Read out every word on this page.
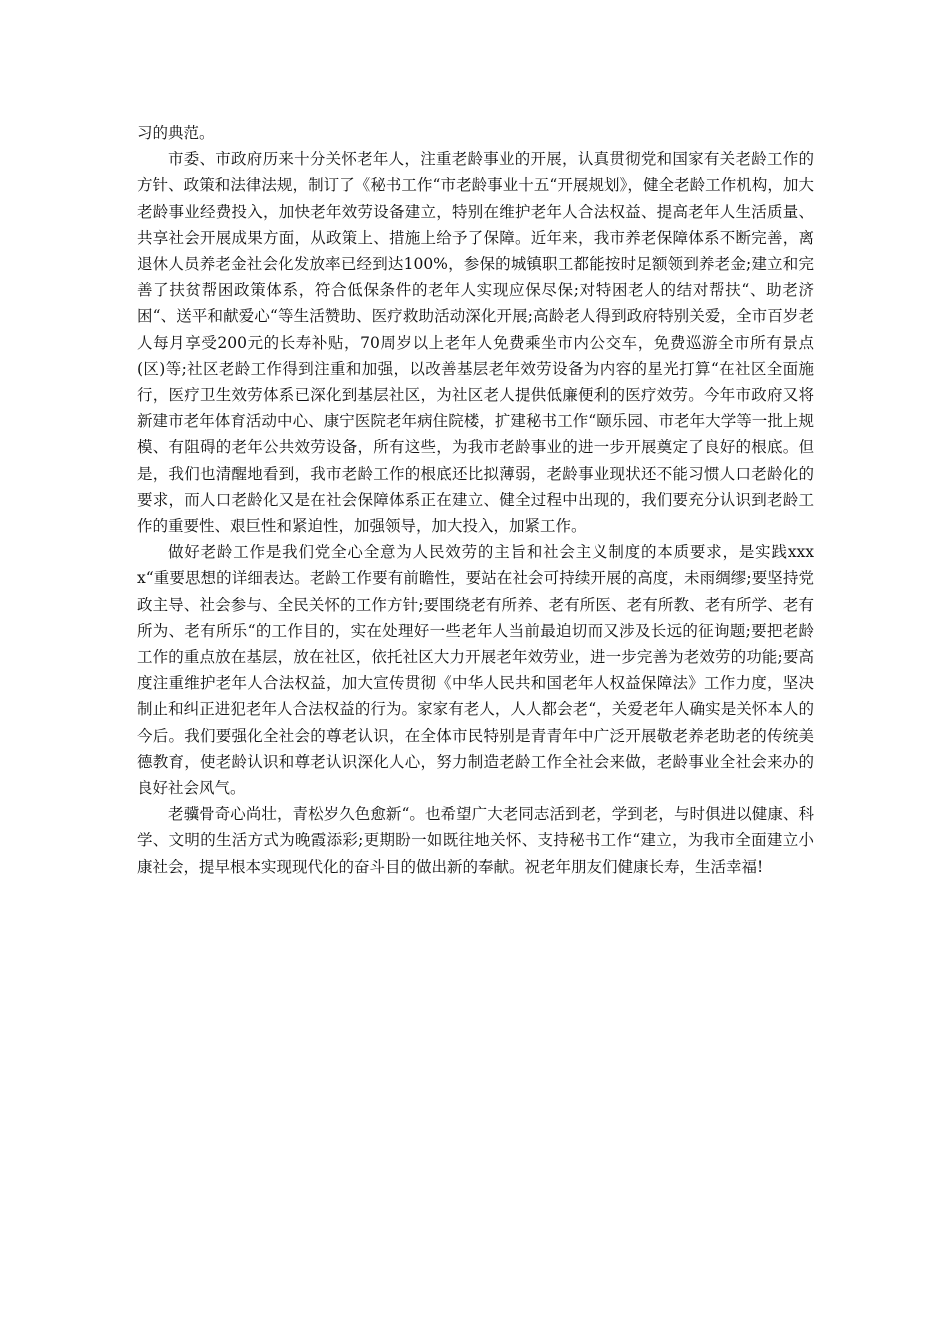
习的典范。

市委、市政府历来十分关怀老年人，注重老龄事业的开展，认真贯彻党和国家有关老龄工作的方针、政策和法律法规，制订了《秘书工作“市老龄事业十五“开展规划》，健全老龄工作机构，加大老龄事业经费投入，加快老年效劳设备建立，特别在维护老年人合法权益、提高老年人生活质量、共享社会开展成果方面，从政策上、措施上给予了保障。近年来，我市养老保障体系不断完善，离退休人员养老金社会化发放率已经到达100%，参保的城镇职工都能按时足额领到养老金;建立和完善了扶贫帮困政策体系，符合低保条件的老年人实现应保尽保;对特困老人的结对帮扶“、助老济困“、送平和献爱心“等生活赞助、医疗救助活动深化开展;高龄老人得到政府特别关爱，全市百岁老人每月享受200元的长寿补贴，70周岁以上老年人免费乘坐市内公交车，免费巡游全市所有景点(区)等;社区老龄工作得到注重和加强，以改善基层老年效劳设备为内容的星光打算“在社区全面施行，医疗卫生效劳体系已深化到基层社区，为社区老人提供低廉便利的医疗效劳。今年市政府又将新建市老年体育活动中心、康宁医院老年病住院楼，扩建秘书工作“颐乐园、市老年大学等一批上规模、有阻碍的老年公共效劳设备，所有这些，为我市老龄事业的进一步开展奠定了良好的根底。但是，我们也清醒地看到，我市老龄工作的根底还比拟薄弱，老龄事业现状还不能习惯人口老龄化的要求，而人口老龄化又是在社会保障体系正在建立、健全过程中出现的，我们要充分认识到老龄工作的重要性、艰巨性和紧迫性，加强领导，加大投入，加紧工作。

做好老龄工作是我们党全心全意为人民效劳的主旨和社会主义制度的本质要求，是实践xxxx“重要思想的详细表达。老龄工作要有前瞻性，要站在社会可持续开展的高度，未雨绸缪;要坚持党政主导、社会参与、全民关怀的工作方针;要围绕老有所养、老有所医、老有所教、老有所学、老有所为、老有所乐“的工作目的，实在处理好一些老年人当前最迫切而又涉及长远的征询题;要把老龄工作的重点放在基层，放在社区，依托社区大力开展老年效劳业，进一步完善为老效劳的功能;要高度注重维护老年人合法权益，加大宣传贯彻《中华人民共和国老年人权益保障法》工作力度，坚决制止和纠正进犯老年人合法权益的行为。家家有老人，人人都会老“，关爱老年人确实是关怀本人的今后。我们要强化全社会的尊老认识，在全体市民特别是青青年中广泛开展敬老养老助老的传统美德教育，使老龄认识和尊老认识深化人心，努力制造老龄工作全社会来做，老龄事业全社会来办的良好社会风气。

老骥骨奇心尚壮，青松岁久色愈新“。也希望广大老同志活到老，学到老，与时俱进以健康、科学、文明的生活方式为晚霞添彩;更期盼一如既往地关怀、支持秘书工作“建立，为我市全面建立小康社会，提早根本实现现代化的奋斗目的做出新的奉献。祝老年朋友们健康长寿，生活幸福!
